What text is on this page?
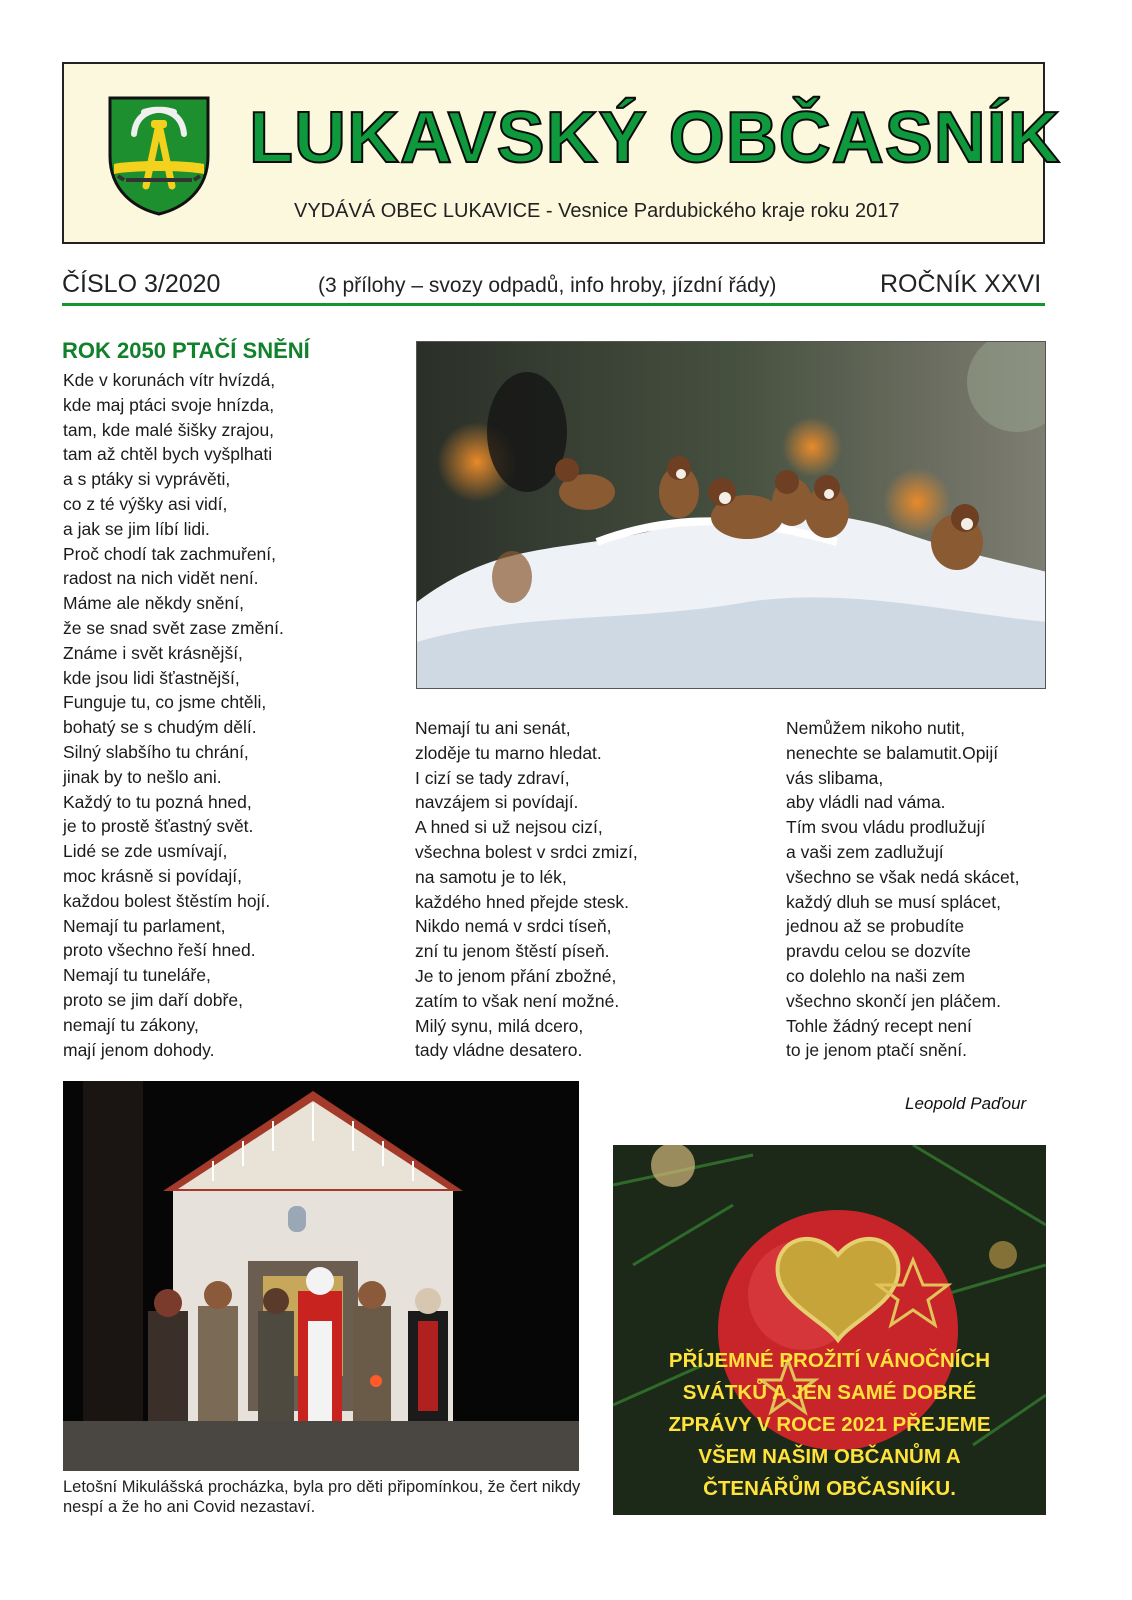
LUKAVSKÝ OBČASNÍK
VYDÁVÁ OBEC LUKAVICE - Vesnice Pardubického kraje roku 2017
ČÍSLO 3/2020	(3 přílohy – svozy odpadů, info hroby, jízdní řády)	ROČNÍK XXVI
ROK 2050 PTAČÍ SNĚNÍ
Kde v korunách vítr hvízdá,
kde maj ptáci svoje hnízda,
tam, kde malé šišky zrajou,
tam až chtěl bych vyšplhati
a s ptáky si vyprávěti,
co z té výšky asi vidí,
a jak se jim líbí lidi.
Proč chodí tak zachmuření,
radost na nich vidět není.
Máme ale někdy snění,
že se snad svět zase změní.
Známe i svět krásnější,
kde jsou lidi šťastnější,
Funguje tu, co jsme chtěli,
bohatý se s chudým dělí.
Silný slabšího tu chrání,
jinak by to nešlo ani.
Každý to tu pozná hned,
je to prostě šťastný svět.
Lidé se zde usmívají,
moc krásně si povídají,
každou bolest štěstím hojí.
Nemají tu parlament,
proto všechno řeší hned.
Nemají tu tuneláře,
proto se jim daří dobře,
nemají tu zákony,
mají jenom dohody.
Nemají tu ani senát,
zloděje tu marno hledat.
I cizí se tady zdraví,
navzájem si povídají.
A hned si už nejsou cizí,
všechna bolest v srdci zmizí,
na samotu je to lék,
každého hned přejde stesk.
Nikdo nemá v srdci tíseň,
zní tu jenom štěstí píseň.
Je to jenom přání zbožné,
zatím to však není možné.
Milý synu, milá dcero,
tady vládne desatero.
Nemůžem nikoho nutit,
nenechte se balamutit.Opijí
vás slibama,
aby vládli nad váma.
Tím svou vládu prodlužují
a vaši zem zadlužují
všechno se však nedá skácet,
každý dluh se musí splácet,
jednou až se probudíte
pravdu celou se dozvíte
co dolehlo na naši zem
všechno skončí jen pláčem.
Tohle žádný recept není
to je jenom ptačí snění.
Leopold Paďour
Letošní Mikulášská procházka, byla pro děti připomínkou, že čert nikdy nespí a že ho ani Covid nezastaví.
PŘÍJEMNÉ PROŽITÍ VÁNOČNÍCH
SVÁTKŮ A JEN SAMÉ DOBRÉ
ZPRÁVY V ROCE 2021 PŘEJEME
VŠEM NAŠIM OBČANŮM A
ČTENÁŘŮM OBČASNÍKU.
